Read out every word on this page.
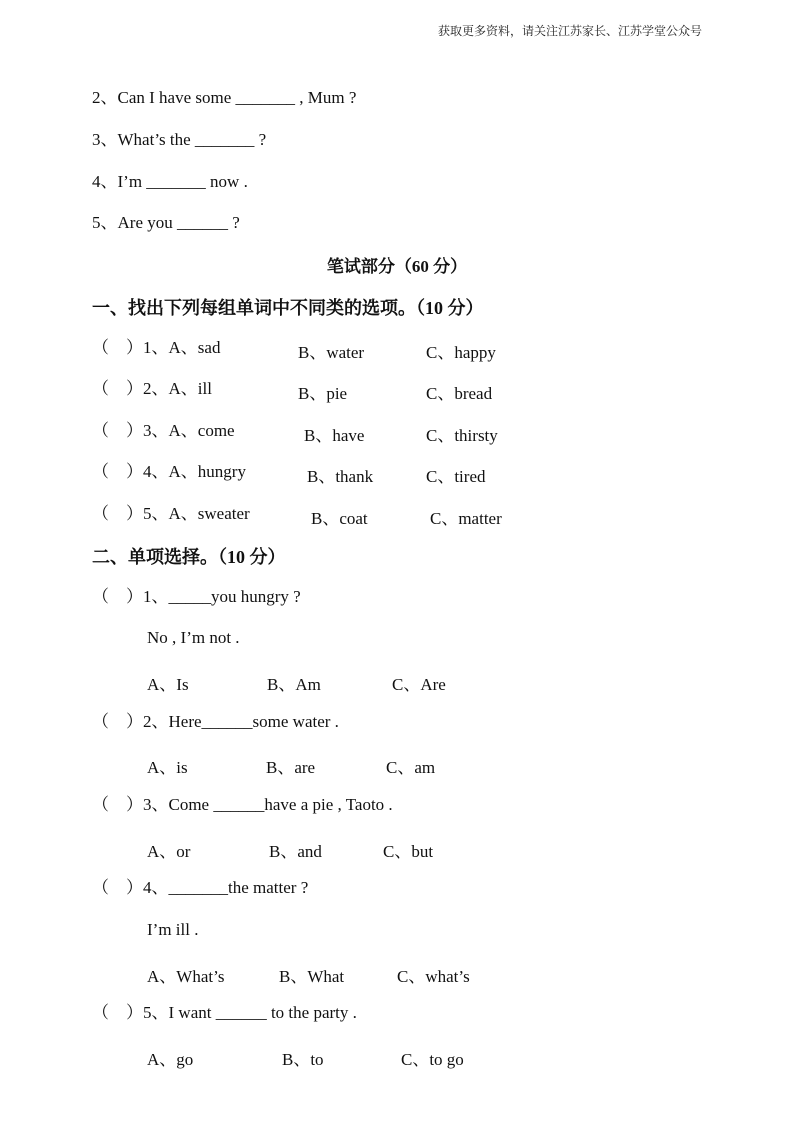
获取更多资料，请关注江苏家长、江苏学堂公众号
2、Can I have some _______ , Mum ?
3、What’s the _______ ?
4、I’m _______ now .
5、Are you ______ ?
笔试部分（60 分）
一、找出下列每组单词中不同类的选项。（10 分）
（　）1、A、sad	B、water	C、happy
（　）2、A、ill	B、pie	C、bread
（　）3、A、come	B、have	C、thirsty
（　）4、A、hungry	B、thank	C、tired
（　）5、A、sweater	B、coat	C、matter
二、单项选择。（10 分）
（　）1、_____you hungry ?
No , I’m not .
A、Is	B、Am	C、Are
（　）2、Here______some water .
A、is	B、are	C、am
（　）3、Come ______have a pie , Taoto .
A、or	B、and	C、but
（　）4、_______the matter ?
I’m ill .
A、What’s	B、What	C、what’s
（　）5、I want ______ to the party .
A、go	B、to	C、to go
